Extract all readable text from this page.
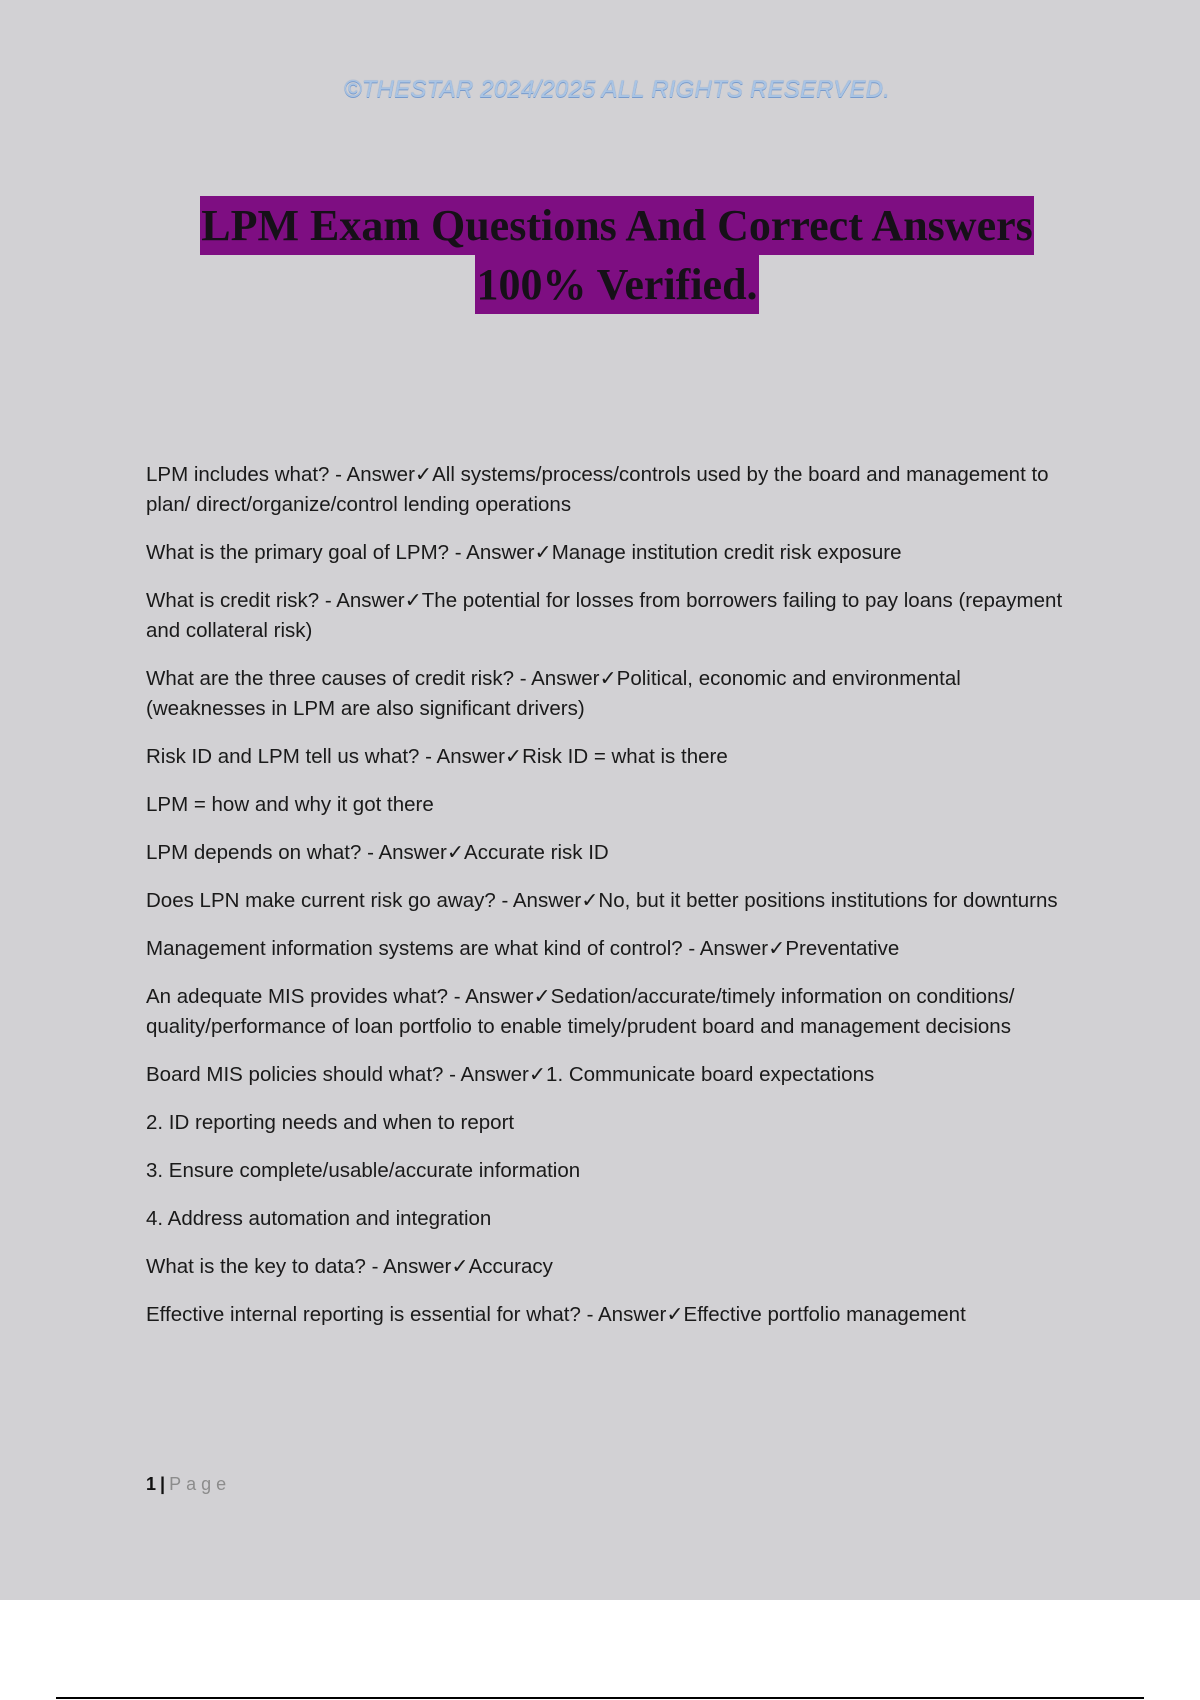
©THESTAR 2024/2025 ALL RIGHTS RESERVED.
LPM Exam Questions And Correct Answers
100% Verified.

LPM includes what? - Answer✓All systems/process/controls used by the board and management to plan/ direct/organize/control lending operations

What is the primary goal of LPM? - Answer✓Manage institution credit risk exposure

What is credit risk? - Answer✓The potential for losses from borrowers failing to pay loans (repayment and collateral risk)

What are the three causes of credit risk? - Answer✓Political, economic and environmental (weaknesses in LPM are also significant drivers)

Risk ID and LPM tell us what? - Answer✓Risk ID = what is there

LPM = how and why it got there

LPM depends on what? - Answer✓Accurate risk ID

Does LPN make current risk go away? - Answer✓No, but it better positions institutions for downturns

Management information systems are what kind of control? - Answer✓Preventative

An adequate MIS provides what? - Answer✓Sedation/accurate/timely information on conditions/ quality/performance of loan portfolio to enable timely/prudent board and management decisions

Board MIS policies should what? - Answer✓1. Communicate board expectations

2. ID reporting needs and when to report

3. Ensure complete/usable/accurate information

4. Address automation and integration

What is the key to data? - Answer✓Accuracy

Effective internal reporting is essential for what? - Answer✓Effective portfolio management

1 | Page
